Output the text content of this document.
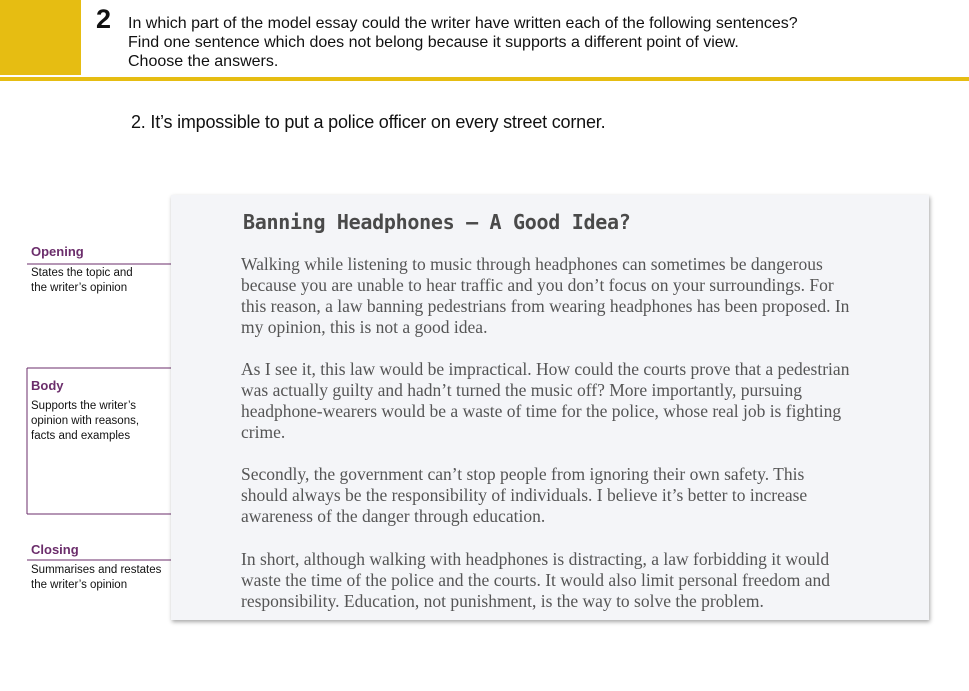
2 In which part of the model essay could the writer have written each of the following sentences?
Find one sentence which does not belong because it supports a different point of view.
Choose the answers.
2. It’s impossible to put a police officer on every street corner.
Opening
States the topic and
the writer’s opinion
Body
Supports the writer’s
opinion with reasons,
facts and examples
Closing
Summarises and restates
the writer’s opinion
Banning Headphones – A Good Idea?
Walking while listening to music through headphones can sometimes be dangerous
because you are unable to hear traffic and you don’t focus on your surroundings. For
this reason, a law banning pedestrians from wearing headphones has been proposed. In
my opinion, this is not a good idea.
As I see it, this law would be impractical. How could the courts prove that a pedestrian
was actually guilty and hadn’t turned the music off? More importantly, pursuing
headphone-wearers would be a waste of time for the police, whose real job is fighting
crime.
Secondly, the government can’t stop people from ignoring their own safety. This
should always be the responsibility of individuals. I believe it’s better to increase
awareness of the danger through education.
In short, although walking with headphones is distracting, a law forbidding it would
waste the time of the police and the courts. It would also limit personal freedom and
responsibility. Education, not punishment, is the way to solve the problem.
